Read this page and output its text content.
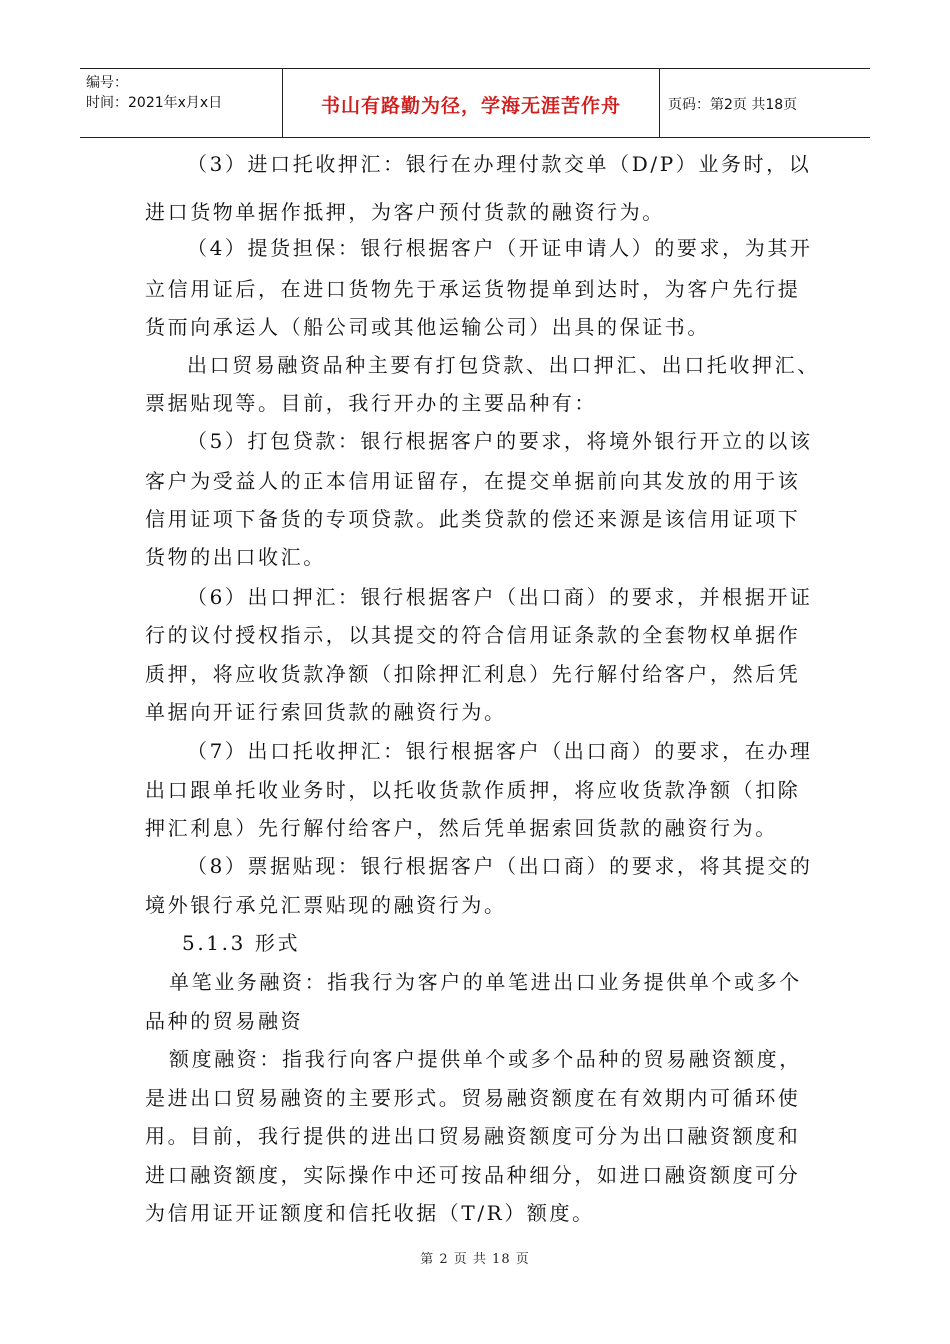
编号：
时间：2021年x月x日	书山有路勤为径，学海无涯苦作舟	页码：第2页 共18页
（3）进口托收押汇：银行在办理付款交单（D/P）业务时，以
进口货物单据作抵押，为客户预付货款的融资行为。
（4）提货担保：银行根据客户（开证申请人）的要求，为其开
立信用证后，在进口货物先于承运货物提单到达时，为客户先行提
货而向承运人（船公司或其他运输公司）出具的保证书。
出口贸易融资品种主要有打包贷款、出口押汇、出口托收押汇、
票据贴现等。目前，我行开办的主要品种有：
（5）打包贷款：银行根据客户的要求，将境外银行开立的以该
客户为受益人的正本信用证留存，在提交单据前向其发放的用于该
信用证项下备货的专项贷款。此类贷款的偿还来源是该信用证项下
货物的出口收汇。
（6）出口押汇：银行根据客户（出口商）的要求，并根据开证
行的议付授权指示，以其提交的符合信用证条款的全套物权单据作
质押，将应收货款净额（扣除押汇利息）先行解付给客户，然后凭
单据向开证行索回货款的融资行为。
（7）出口托收押汇：银行根据客户（出口商）的要求，在办理
出口跟单托收业务时，以托收货款作质押，将应收货款净额（扣除
押汇利息）先行解付给客户，然后凭单据索回货款的融资行为。
（8）票据贴现：银行根据客户（出口商）的要求，将其提交的
境外银行承兑汇票贴现的融资行为。
5.1.3 形式
单笔业务融资：指我行为客户的单笔进出口业务提供单个或多个
品种的贸易融资
额度融资：指我行向客户提供单个或多个品种的贸易融资额度，
是进出口贸易融资的主要形式。贸易融资额度在有效期内可循环使
用。目前，我行提供的进出口贸易融资额度可分为出口融资额度和
进口融资额度，实际操作中还可按品种细分，如进口融资额度可分
为信用证开证额度和信托收据（T/R）额度。
第 2 页 共 18 页
